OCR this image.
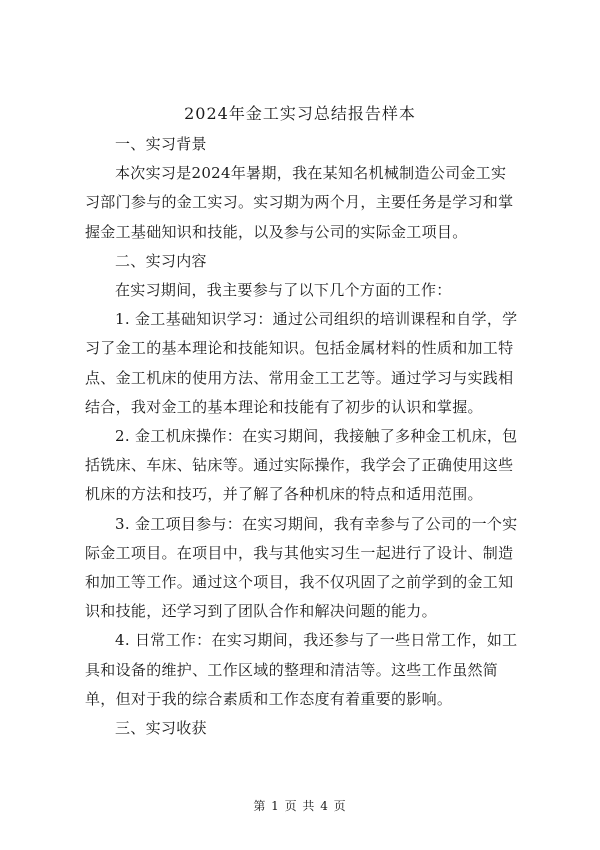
2024年金工实习总结报告样本

一、实习背景

本次实习是2024年暑期，我在某知名机械制造公司金工实习部门参与的金工实习。实习期为两个月，主要任务是学习和掌握金工基础知识和技能，以及参与公司的实际金工项目。

二、实习内容

在实习期间，我主要参与了以下几个方面的工作：

1. 金工基础知识学习：通过公司组织的培训课程和自学，学习了金工的基本理论和技能知识。包括金属材料的性质和加工特点、金工机床的使用方法、常用金工工艺等。通过学习与实践相结合，我对金工的基本理论和技能有了初步的认识和掌握。

2. 金工机床操作：在实习期间，我接触了多种金工机床，包括铣床、车床、钻床等。通过实际操作，我学会了正确使用这些机床的方法和技巧，并了解了各种机床的特点和适用范围。

3. 金工项目参与：在实习期间，我有幸参与了公司的一个实际金工项目。在项目中，我与其他实习生一起进行了设计、制造和加工等工作。通过这个项目，我不仅巩固了之前学到的金工知识和技能，还学习到了团队合作和解决问题的能力。

4. 日常工作：在实习期间，我还参与了一些日常工作，如工具和设备的维护、工作区域的整理和清洁等。这些工作虽然简单，但对于我的综合素质和工作态度有着重要的影响。

三、实习收获

第 1 页 共 4 页
